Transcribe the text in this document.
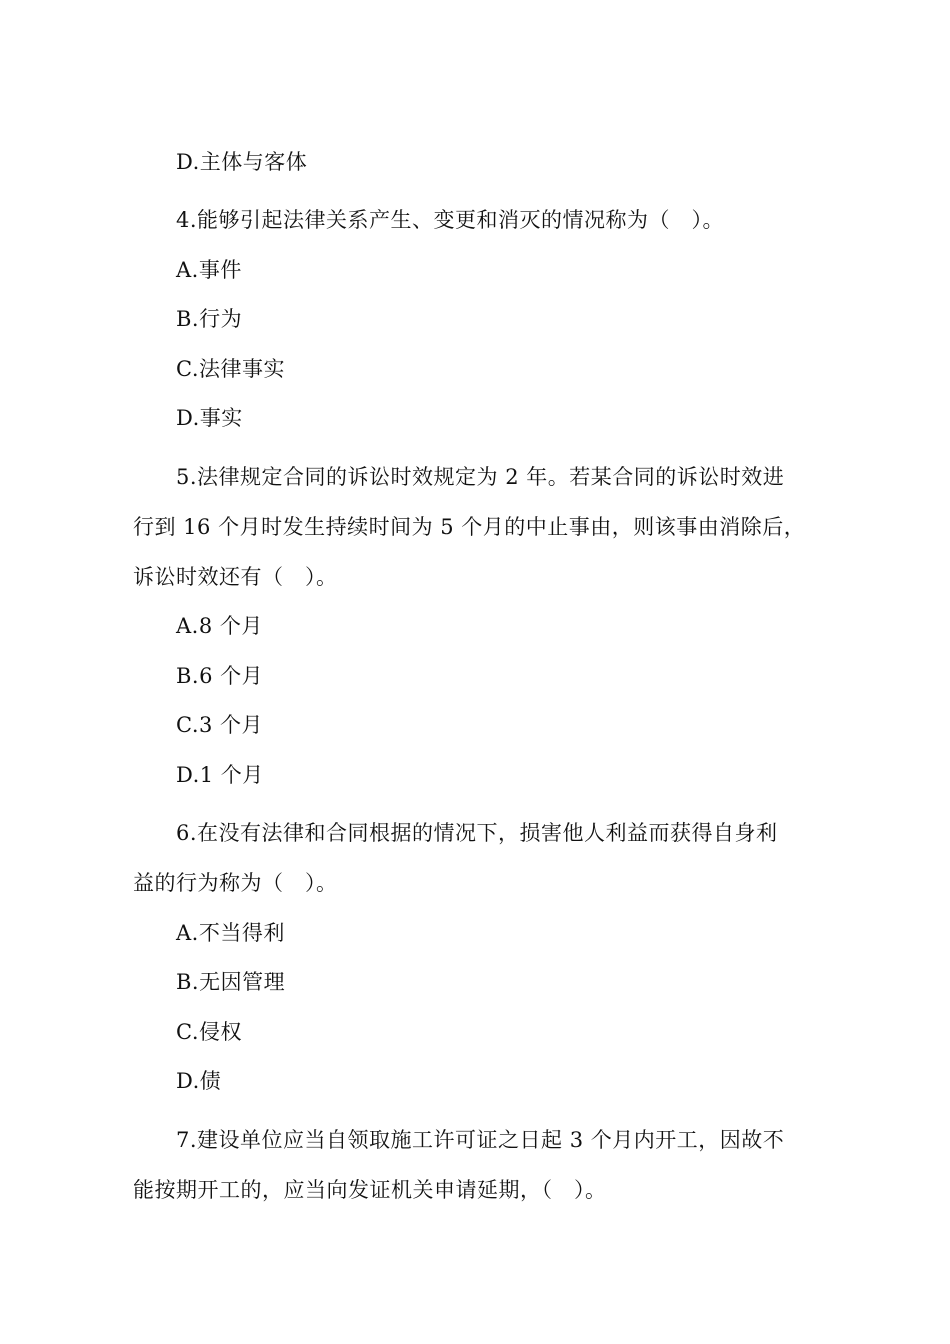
D.主体与客体
4.能够引起法律关系产生、变更和消灭的情况称为（　）。
A.事件
B.行为
C.法律事实
D.事实
5.法律规定合同的诉讼时效规定为 2 年。若某合同的诉讼时效进
行到 16 个月时发生持续时间为 5 个月的中止事由，则该事由消除后，
诉讼时效还有（　）。
A.8 个月
B.6 个月
C.3 个月
D.1 个月
6.在没有法律和合同根据的情况下，损害他人利益而获得自身利
益的行为称为（　）。
A.不当得利
B.无因管理
C.侵权
D.债
7.建设单位应当自领取施工许可证之日起 3 个月内开工，因故不
能按期开工的，应当向发证机关申请延期，（　）。
